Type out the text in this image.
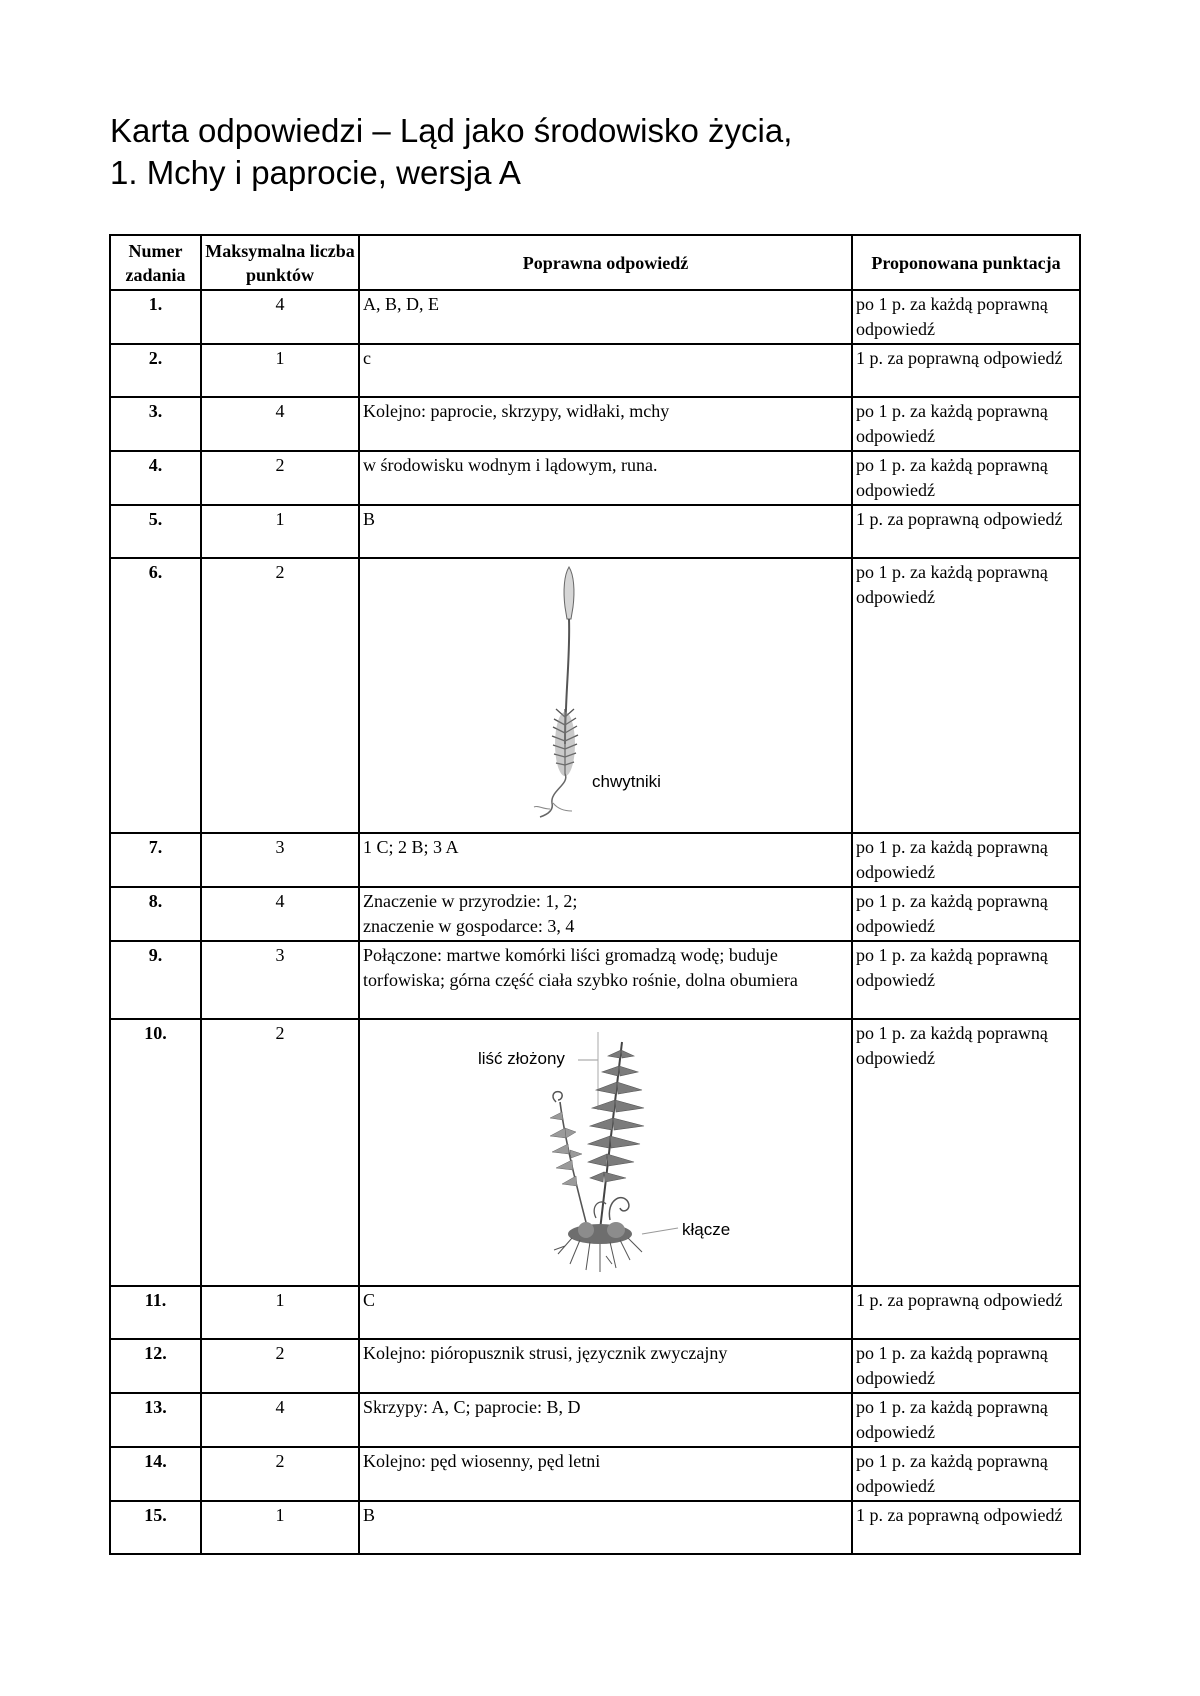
Karta odpowiedzi – Ląd jako środowisko życia,
1. Mchy i paprocie, wersja A
Numer zadania	Maksymalna liczba punktów	Poprawna odpowiedź	Proponowana punktacja
1.	4	A, B, D, E	po 1 p. za każdą poprawną odpowiedź
2.	1	c	1 p. za poprawną odpowiedź
3.	4	Kolejno: paprocie, skrzypy, widłaki, mchy	po 1 p. za każdą poprawną odpowiedź
4.	2	w środowisku wodnym i lądowym, runa.	po 1 p. za każdą poprawną odpowiedź
5.	1	B	1 p. za poprawną odpowiedź
6.	2	chwytniki	po 1 p. za każdą poprawną odpowiedź
7.	3	1 C; 2 B; 3 A	po 1 p. za każdą poprawną odpowiedź
8.	4	Znaczenie w przyrodzie: 1, 2;
znaczenie w gospodarce: 3, 4	po 1 p. za każdą poprawną odpowiedź
9.	3	Połączone: martwe komórki liści gromadzą wodę; buduje torfowiska; górna część ciała szybko rośnie, dolna obumiera	po 1 p. za każdą poprawną odpowiedź
10.	2	liść złożony
kłącze	po 1 p. za każdą poprawną odpowiedź
11.	1	C	1 p. za poprawną odpowiedź
12.	2	Kolejno: pióropusznik strusi, języcznik zwyczajny	po 1 p. za każdą poprawną odpowiedź
13.	4	Skrzypy: A, C; paprocie: B, D	po 1 p. za każdą poprawną odpowiedź
14.	2	Kolejno: pęd wiosenny, pęd letni	po 1 p. za każdą poprawną odpowiedź
15.	1	B	1 p. za poprawną odpowiedź
